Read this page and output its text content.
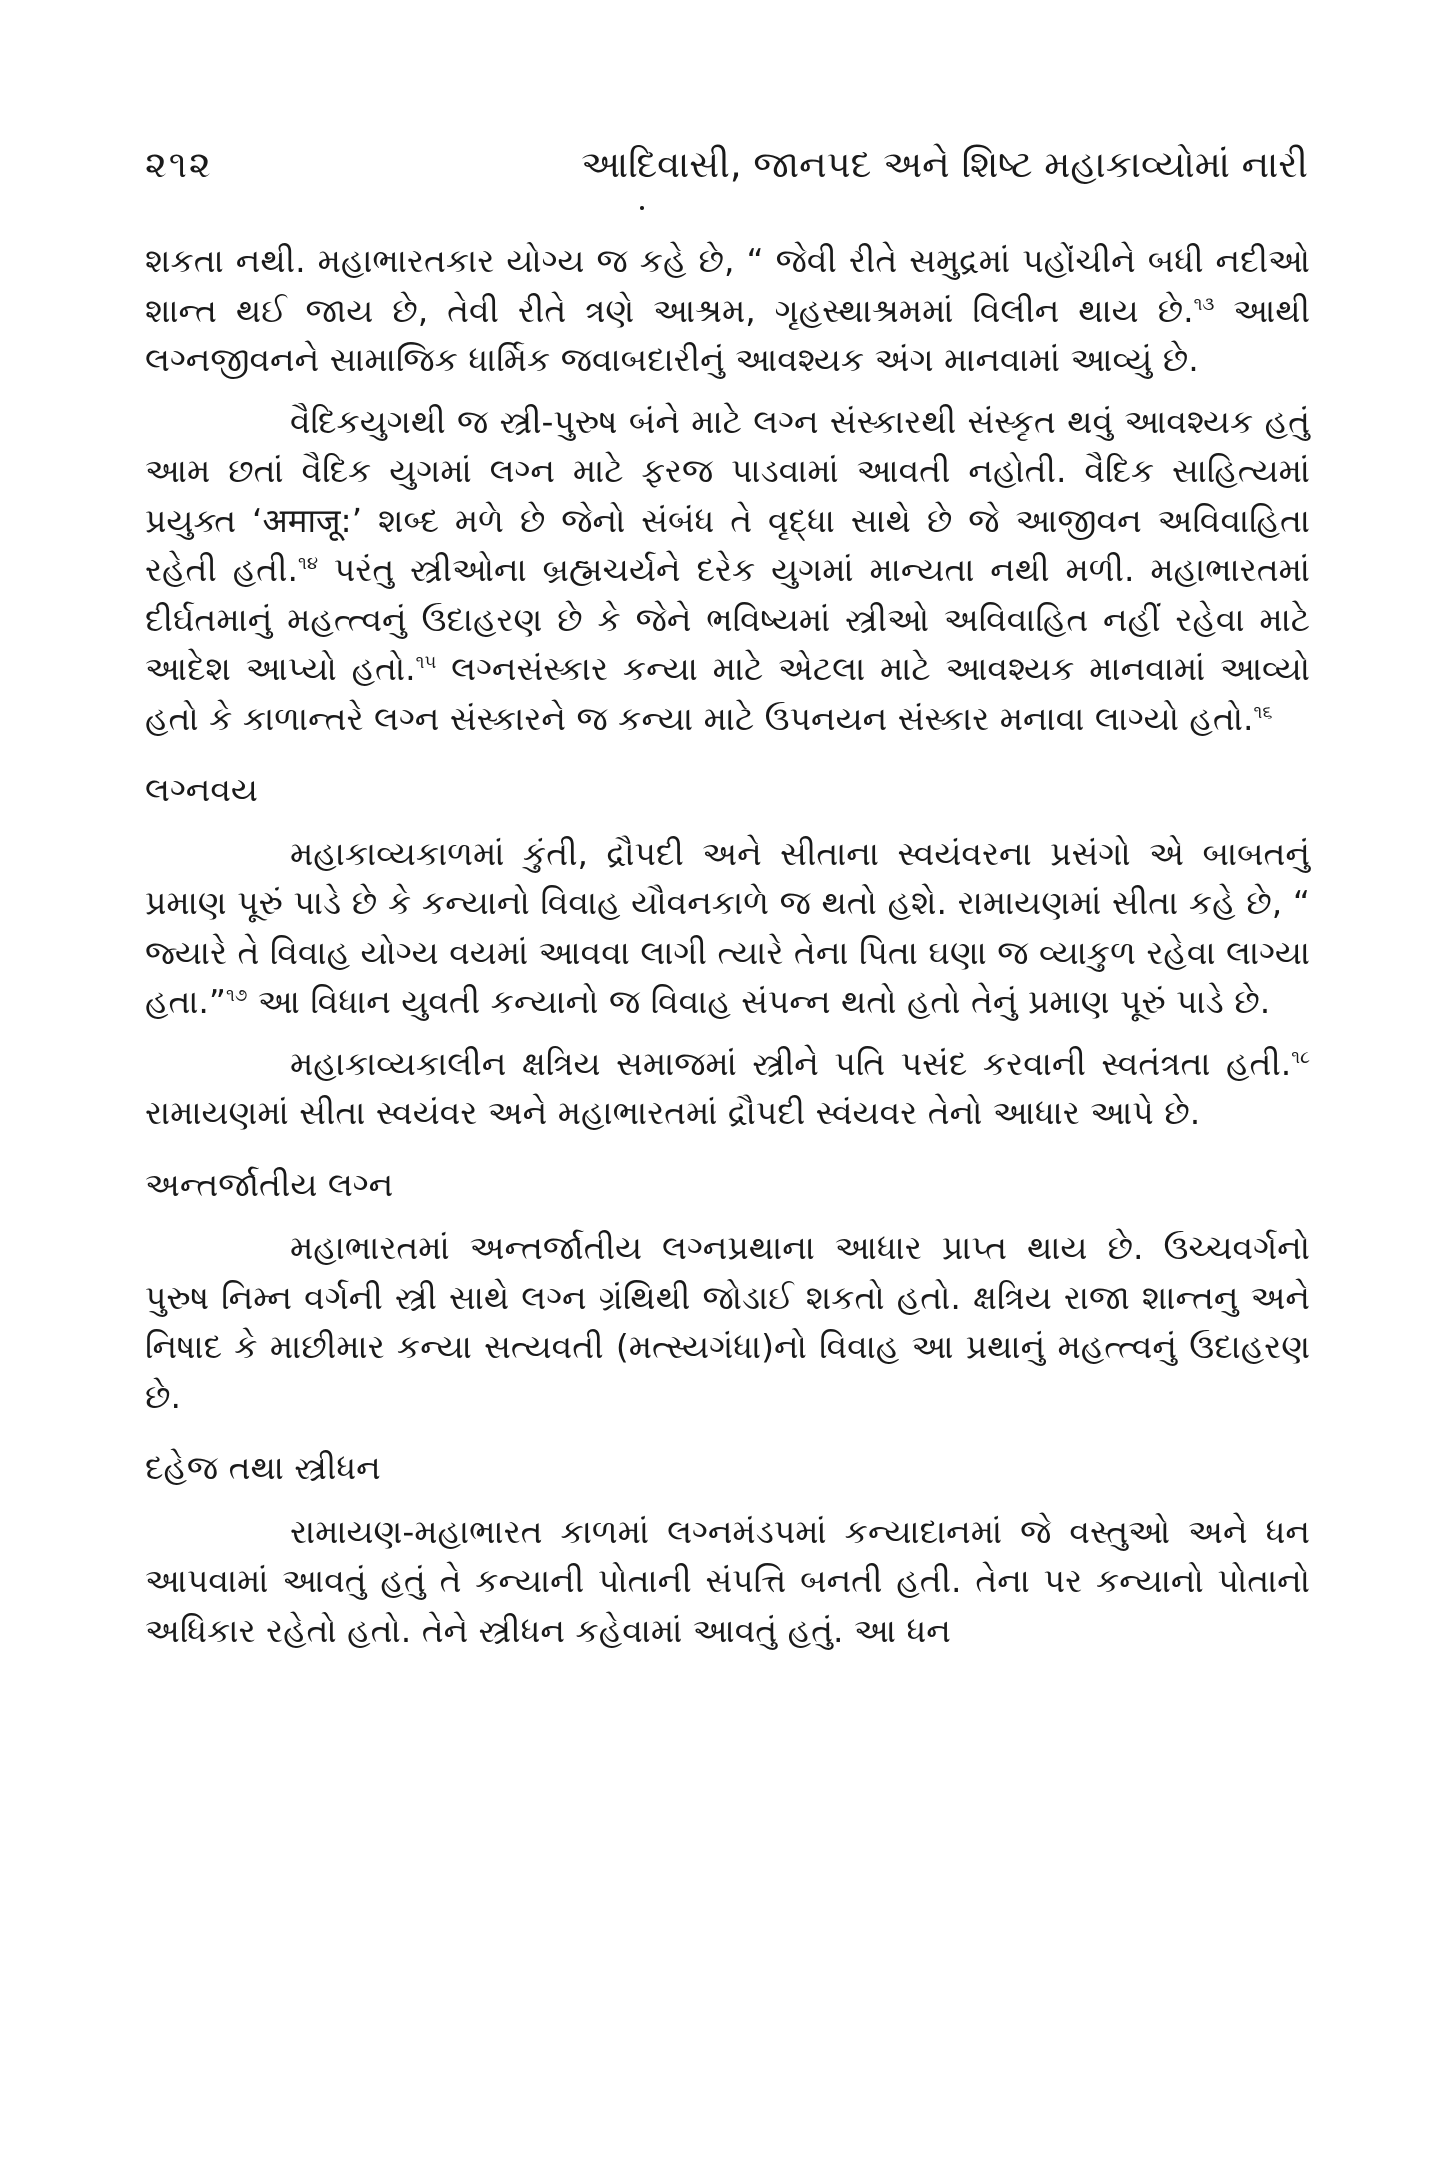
૨૧૨	આદિવાસી, જાનપદ અને શિષ્ટ મહાકાવ્યોમાં નારી

શકતા નથી. મહાભારતકાર યોગ્ય જ કહે છે, “ જેવી રીતે સમુદ્રમાં પહોંચીને બધી નદીઓ શાન્ત થઈ જાય છે, તેવી રીતે ત્રણે આશ્રમ, ગૃહસ્થાશ્રમમાં વિલીન થાય છે.$^{૧૩}$ આથી લગ્નજીવનને સામાજિક ધાર્મિક જવાબદારીનું આવશ્યક અંગ માનવામાં આવ્યું છે.

વૈદિકયુગથી જ સ્ત્રી-પુરુષ બંને માટે લગ્ન સંસ્કારથી સંસ્કૃત થવું આવશ્યક હતું આમ છતાં વૈદિક યુગમાં લગ્ન માટે ફરજ પાડવામાં આવતી નહોતી. વૈદિક સાહિત્યમાં પ્રયુક્ત ‘अमाजू:’ શબ્દ મળે છે જેનો સંબંધ તે વૃદ્ધા સાથે છે જે આજીવન અવિવાહિતા રહેતી હતી.$^{૧૪}$ પરંતુ સ્ત્રીઓના બ્રહ્મચર્યને દરેક યુગમાં માન્યતા નથી મળી. મહાભારતમાં દીર્ઘતમાનું મહત્ત્વનું ઉદાહરણ છે કે જેને ભવિષ્યમાં સ્ત્રીઓ અવિવાહિત નહીં રહેવા માટે આદેશ આપ્યો હતો.$^{૧૫}$ લગ્નસંસ્કાર કન્યા માટે એટલા માટે આવશ્યક માનવામાં આવ્યો હતો કે કાળાન્તરે લગ્ન સંસ્કારને જ કન્યા માટે ઉપનયન સંસ્કાર મનાવા લાગ્યો હતો.$^{૧૬}$

લગ્નવય

મહાકાવ્યકાળમાં કુંતી, દ્રૌપદી અને સીતાના સ્વયંવરના પ્રસંગો એ બાબતનું પ્રમાણ પૂરું પાડે છે કે કન્યાનો વિવાહ યૌવનકાળે જ થતો હશે. રામાયણમાં સીતા કહે છે, “ જ્યારે તે વિવાહ યોગ્ય વયમાં આવવા લાગી ત્યારે તેના પિતા ઘણા જ વ્યાકુળ રહેવા લાગ્યા હતા.”$^{૧૭}$ આ વિધાન યુવતી કન્યાનો જ વિવાહ સંપન્ન થતો હતો તેનું પ્રમાણ પૂરું પાડે છે.

મહાકાવ્યકાલીન ક્ષત્રિય સમાજમાં સ્ત્રીને પતિ પસંદ કરવાની સ્વતંત્રતા હતી.$^{૧૮}$ રામાયણમાં સીતા સ્વયંવર અને મહાભારતમાં દ્રૌપદી સ્વંયવર તેનો આધાર આપે છે.

અન્તર્જાતીય લગ્ન

મહાભારતમાં અન્તર્જાતીય લગ્નપ્રથાના આધાર પ્રાપ્ત થાય છે. ઉચ્ચવર્ગનો પુરુષ નિમ્ન વર્ગની સ્ત્રી સાથે લગ્ન ગ્રંથિથી જોડાઈ શકતો હતો. ક્ષત્રિય રાજા શાન્તનુ અને નિષાદ કે માછીમાર કન્યા સત્યવતી (મત્સ્યગંધા)નો વિવાહ આ પ્રથાનું મહત્ત્વનું ઉદાહરણ છે.

દહેજ તથા સ્ત્રીધન

રામાયણ-મહાભારત કાળમાં લગ્નમંડપમાં કન્યાદાનમાં જે વસ્તુઓ અને ધન આપવામાં આવતું હતું તે કન્યાની પોતાની સંપત્તિ બનતી હતી. તેના પર કન્યાનો પોતાનો અધિકાર રહેતો હતો. તેને સ્ત્રીધન કહેવામાં આવતું હતું. આ ધન
